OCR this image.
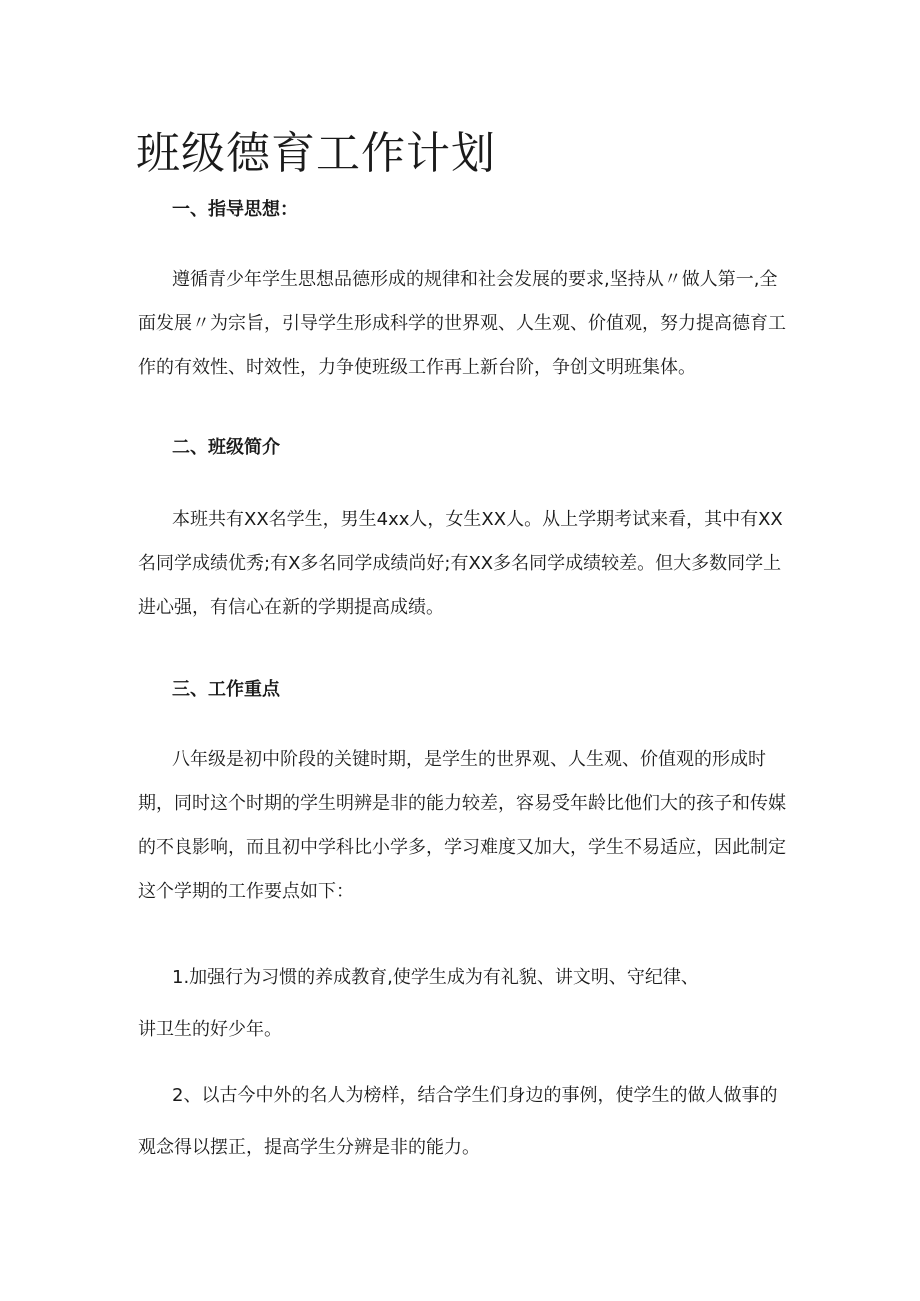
班级德育工作计划
一、指导思想：

遵循青少年学生思想品德形成的规律和社会发展的要求,坚持从〃做人第一,全面发展〃为宗旨，引导学生形成科学的世界观、人生观、价值观，努力提高德育工作的有效性、时效性，力争使班级工作再上新台阶，争创文明班集体。

二、班级简介

本班共有XX名学生，男生4xx人，女生XX人。从上学期考试来看，其中有XX名同学成绩优秀;有X多名同学成绩尚好;有XX多名同学成绩较差。但大多数同学上进心强，有信心在新的学期提高成绩。

三、工作重点

八年级是初中阶段的关键时期，是学生的世界观、人生观、价值观的形成时期，同时这个时期的学生明辨是非的能力较差，容易受年龄比他们大的孩子和传媒的不良影响，而且初中学科比小学多，学习难度又加大，学生不易适应，因此制定这个学期的工作要点如下：

1.加强行为习惯的养成教育,使学生成为有礼貌、讲文明、守纪律、

讲卫生的好少年。

2、以古今中外的名人为榜样，结合学生们身边的事例，使学生的做人做事的

观念得以摆正，提高学生分辨是非的能力。
